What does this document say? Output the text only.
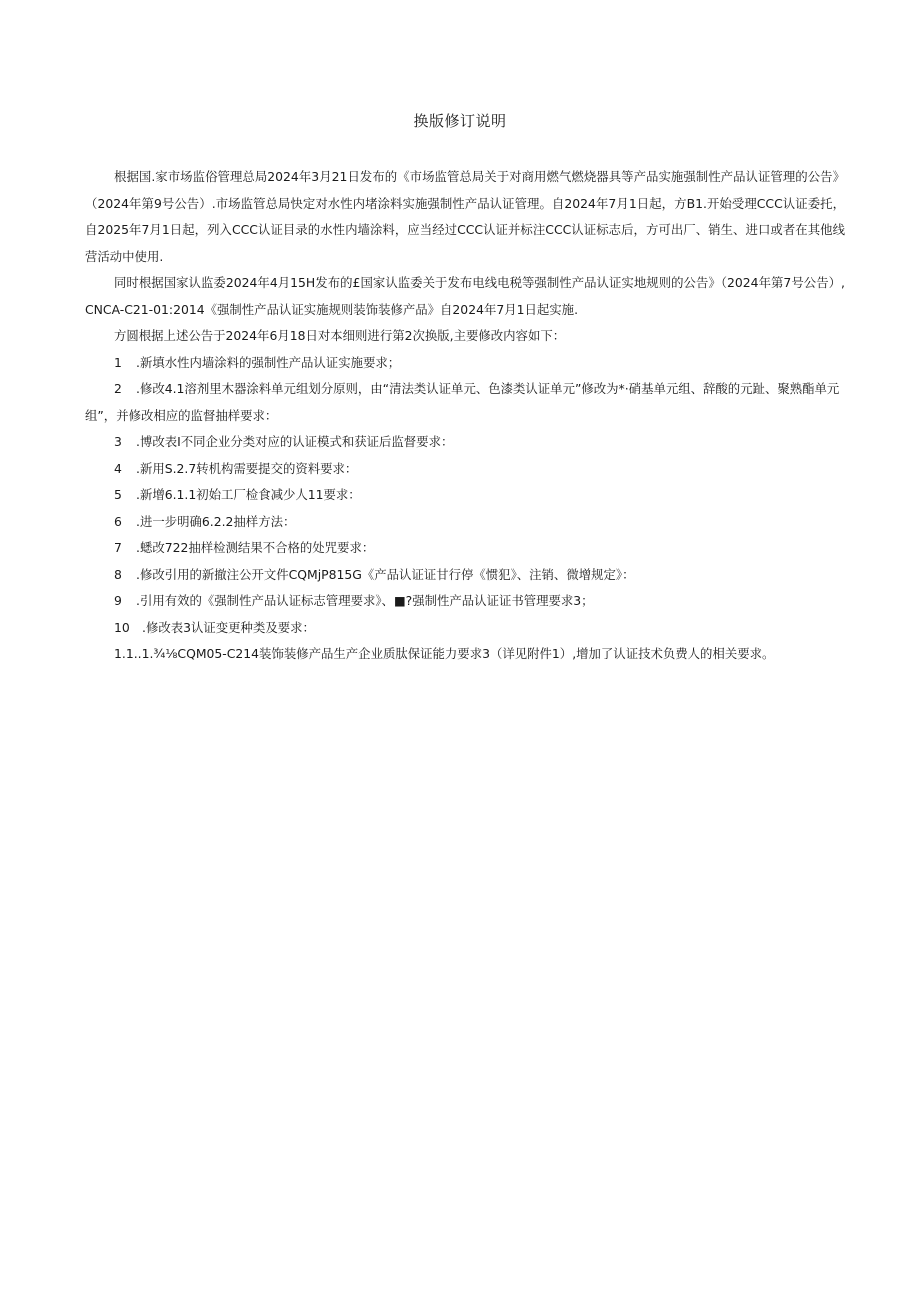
换版修订说明

根据国.家市场监俗管理总局2024年3月21日发布的《市场监管总局关于对商用燃气燃烧器具等产品实施强制性产品认证管理的公告》（2024年第9号公告）.市场监管总局快定对水性内堵涂料实施强制性产品认证管理。自2024年7月1日起，方B1.开始受理CCC认证委托，自2025年7月1日起，列入CCC认证目录的水性内墙涂料，应当经过CCC认证并标注CCC认证标志后，方可出厂、销生、进口或者在其他线营活动中使用.

同时根据国家认监委2024年4月15H发布的£国家认监委关于发布电线电税等强制性产品认证实地规则的公告》（2024年第7号公告）,CNCA-C21-01:2014《强制性产品认证实施规则装饰装修产品》自2024年7月1日起实施.

方圆根据上述公告于2024年6月18日对本细则进行第2次换版,主要修改内容如下：

1 .新填水性内墙涂料的强制性产品认证实施要求；

2 .修改4.1溶剂里木器涂料单元组划分原则，由“清法类认证单元、色漆类认证单元”修改为*·硝基单元组、辞酸的元趾、聚熟酯单元组”，并修改相应的监督抽样要求：

3 .博改表I不同企业分类对应的认证模式和获证后监督要求：

4 .新用S.2.7转机构需要提交的资料要求：

5 .新增6.1.1初始工厂检食减少人11要求：

6 .进一步明确6.2.2抽样方法：

7 .蟋改722抽样检测结果不合格的处咒要求：

8 .修改引用的新撤注公开文件CQMjP815G《产品认证证甘行停《惯犯》、注销、微增规定》：

9 .引用有效的《强制性产品认证标志管理要求》、■?强制性产品认证证书管理要求3；

10 .修改表3认证变更种类及要求：

1.1..1.¾⅛CQM05-C214装饰装修产品生产企业质肽保证能力要求3（详见附件1）,增加了认证技术负费人的相关要求。
